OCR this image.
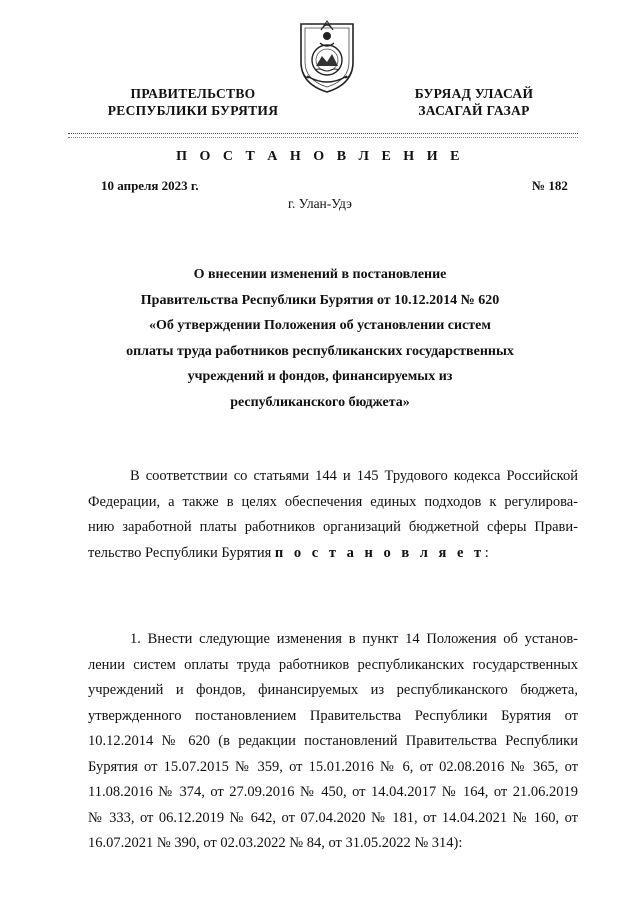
ПРАВИТЕЛЬСТВО
РЕСПУБЛИКИ БУРЯТИЯ
БУРЯАД УЛАСАЙ
ЗАСАГАЙ ГАЗАР
П О С Т А Н О В Л Е Н И Е
10 апреля 2023 г.	№ 182
г. Улан-Удэ
О внесении изменений в постановление
Правительства Республики Бурятия от 10.12.2014 № 620
«Об утверждении Положения об установлении систем
оплаты труда работников республиканских государственных
учреждений и фондов, финансируемых из
республиканского бюджета»
В соответствии со статьями 144 и 145 Трудового кодекса Российской
Федерации, а также в целях обеспечения единых подходов к регулирова-
нию заработной платы работников организаций бюджетной сферы Прави-
тельство Республики Бурятия п о с т а н о в л я е т:
1. Внести следующие изменения в пункт 14 Положения об установ-
лении систем оплаты труда работников республиканских государственных
учреждений и фондов, финансируемых из республиканского бюджета,
утвержденного постановлением Правительства Республики Бурятия от
10.12.2014 № 620 (в редакции постановлений Правительства Республики
Бурятия от 15.07.2015 № 359, от 15.01.2016 № 6, от 02.08.2016 № 365, от
11.08.2016 № 374, от 27.09.2016 № 450, от 14.04.2017 № 164, от 21.06.2019
№ 333, от 06.12.2019 № 642, от 07.04.2020 № 181, от 14.04.2021 № 160, от
16.07.2021 № 390, от 02.03.2022 № 84, от 31.05.2022 № 314):
